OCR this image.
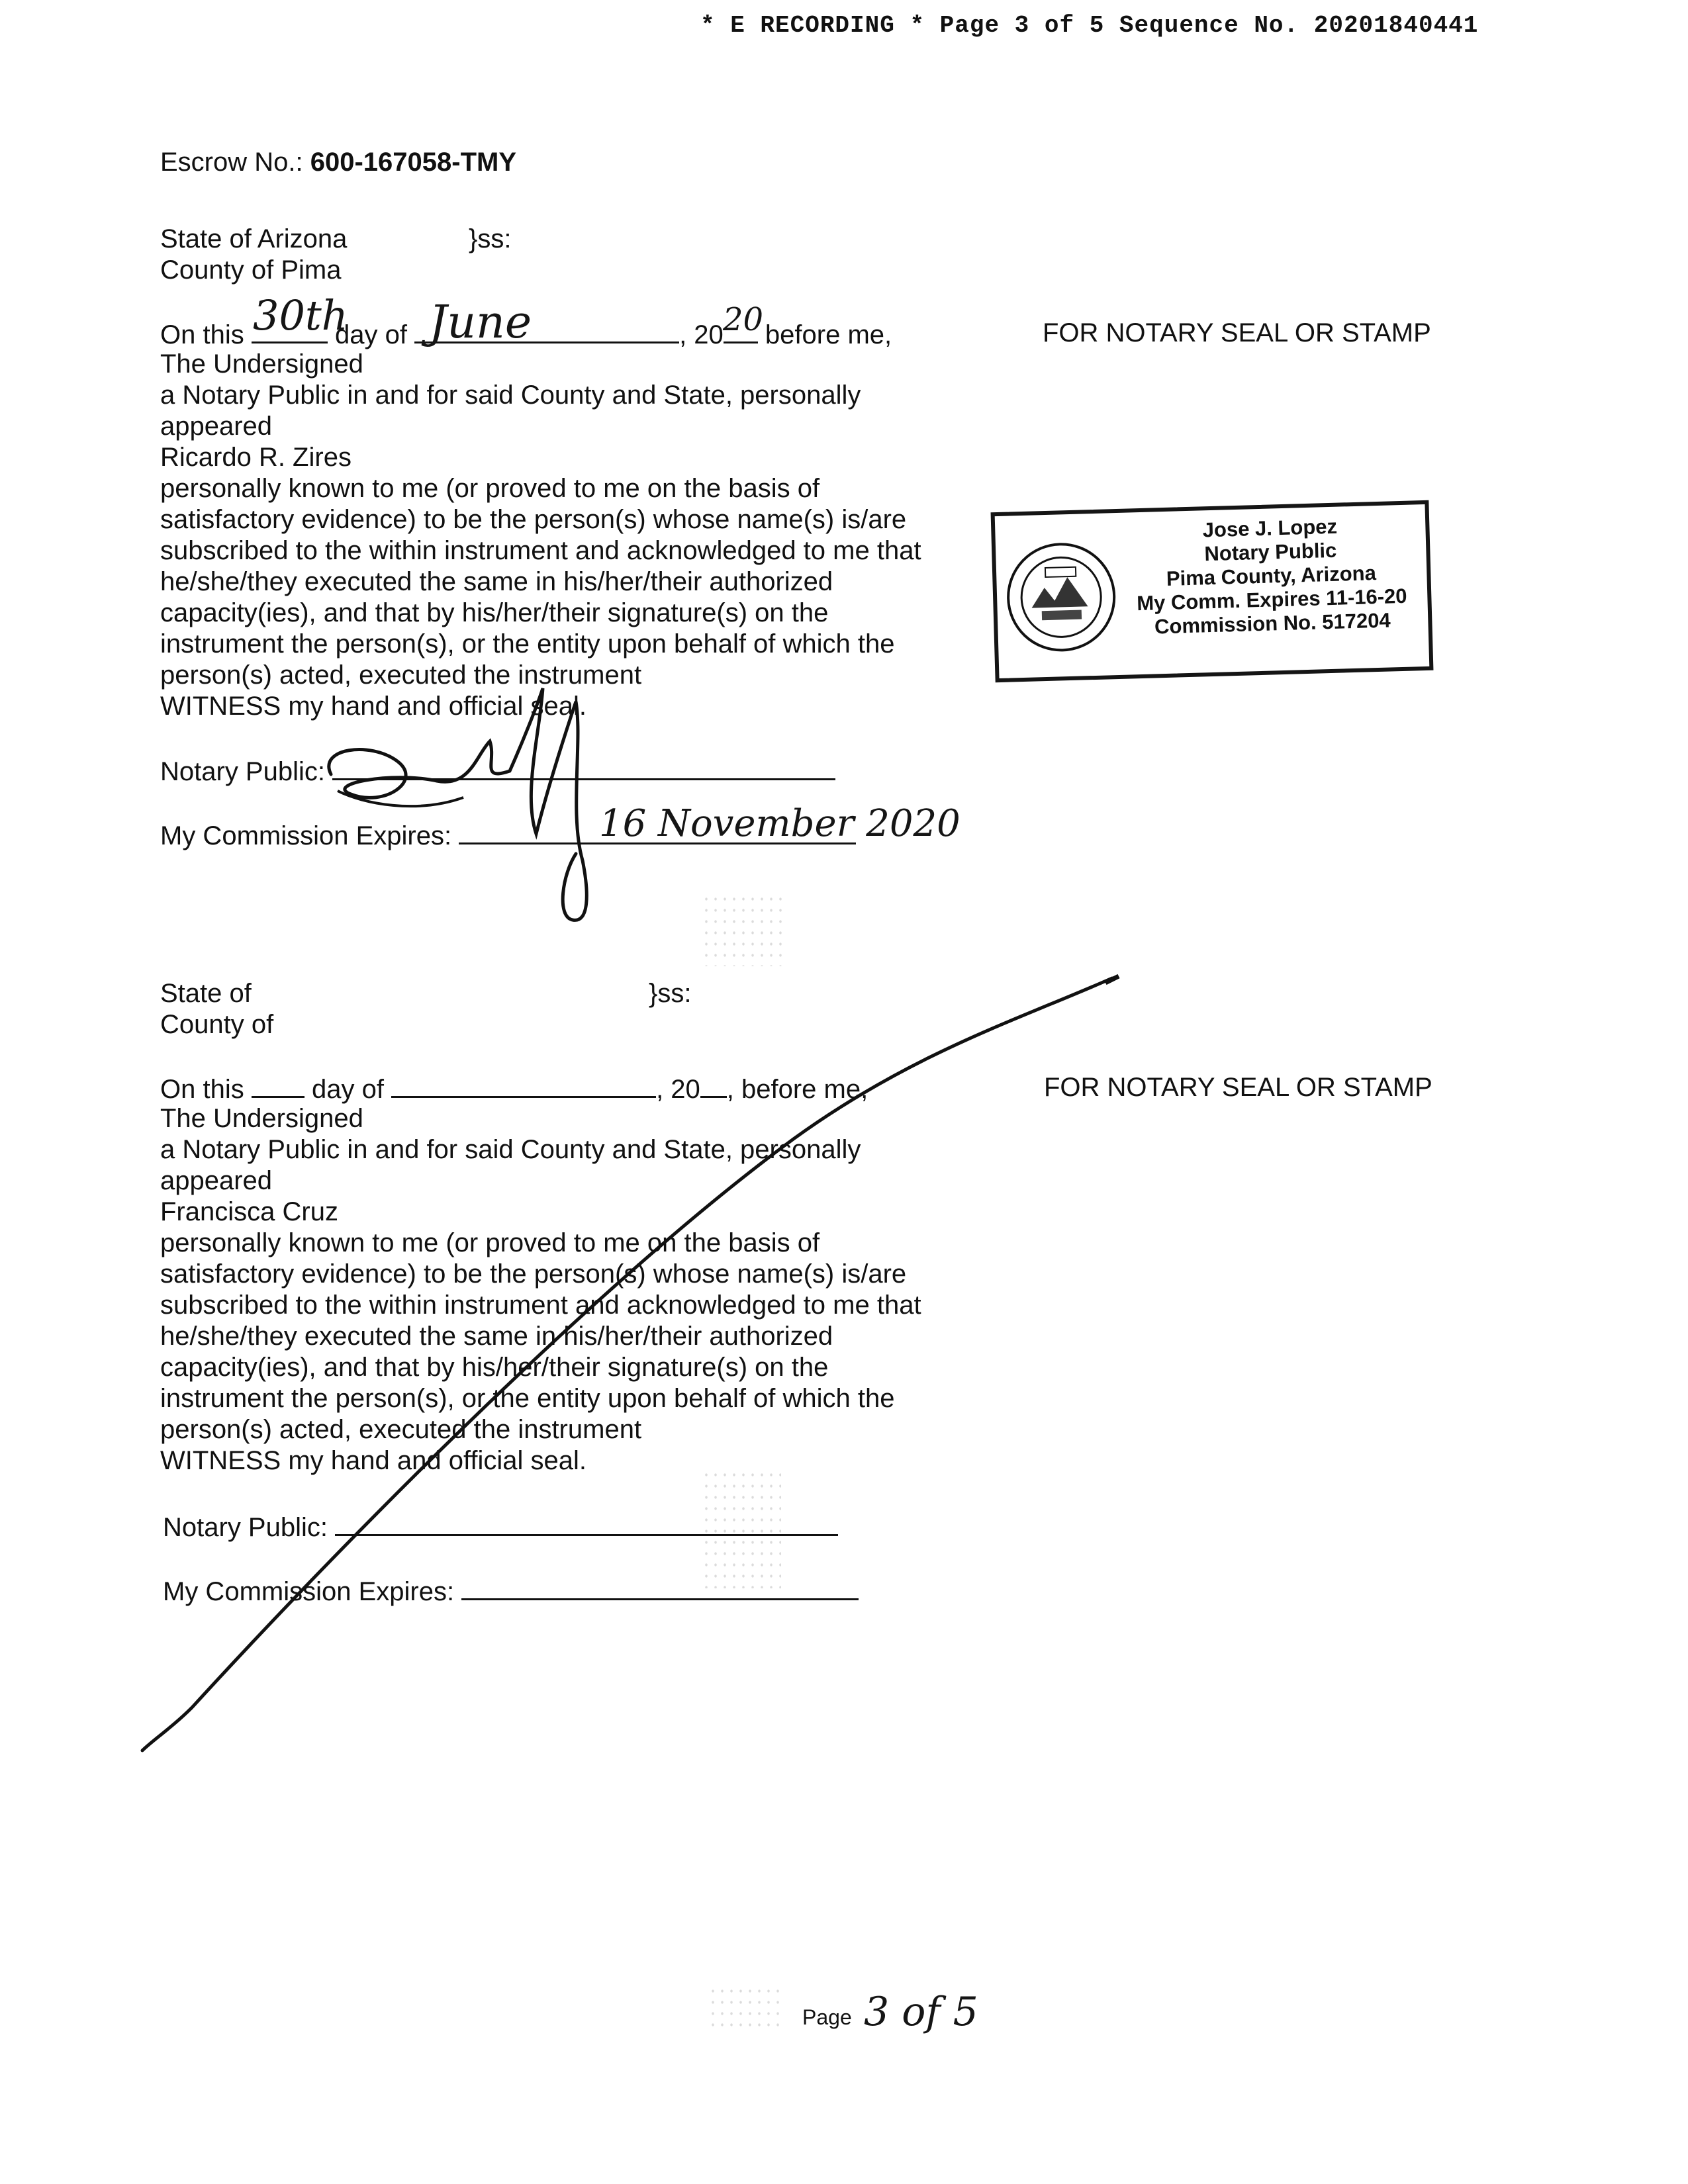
* E RECORDING * Page 3 of 5 Sequence No. 20201840441
Escrow No.: 600-167058-TMY
State of Arizona	}ss:
County of Pima
On this	day of	, 20 before me,
30th June	20
The Undersigned
a Notary Public in and for said County and State, personally
appeared
Ricardo R. Zires
personally known to me (or proved to me on the basis of
satisfactory evidence) to be the person(s) whose name(s) is/are
subscribed to the within instrument and acknowledged to me that
he/she/they executed the same in his/her/their authorized
capacity(ies), and that by his/her/their signature(s) on the
instrument the person(s), or the entity upon behalf of which the
person(s) acted, executed the instrument
WITNESS my hand and official seal.
Notary Public:
My Commission Expires:	16 November 2020
FOR NOTARY SEAL OR STAMP
Jose J. Lopez
Notary Public
Pima County, Arizona
My Comm. Expires 11-16-20
Commission No. 517204
State of	}ss:
County of
On this	day of	, 20 , before me,
The Undersigned
a Notary Public in and for said County and State, personally
appeared
Francisca Cruz
personally known to me (or proved to me on the basis of
satisfactory evidence) to be the person(s) whose name(s) is/are
subscribed to the within instrument and acknowledged to me that
he/she/they executed the same in his/her/their authorized
capacity(ies), and that by his/her/their signature(s) on the
instrument the person(s), or the entity upon behalf of which the
person(s) acted, executed the instrument
WITNESS my hand and official seal.
Notary Public:
My Commission Expires:
FOR NOTARY SEAL OR STAMP
Page 3 of 5
